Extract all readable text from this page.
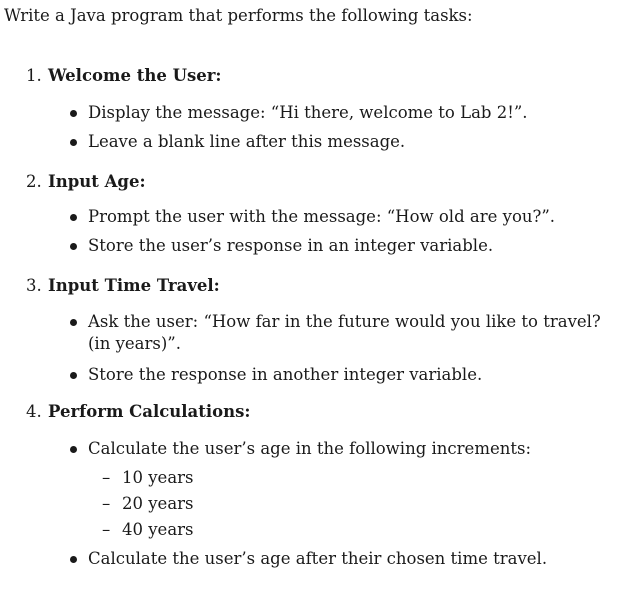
Write a Java program that performs the following tasks:
1. Welcome the User:
Display the message: “Hi there, welcome to Lab 2!”.
Leave a blank line after this message.
2. Input Age:
Prompt the user with the message: “How old are you?”.
Store the user’s response in an integer variable.
3. Input Time Travel:
Ask the user: “How far in the future would you like to travel? (in years)”.
Store the response in another integer variable.
4. Perform Calculations:
Calculate the user’s age in the following increments:
– 10 years
– 20 years
– 40 years
Calculate the user’s age after their chosen time travel.
